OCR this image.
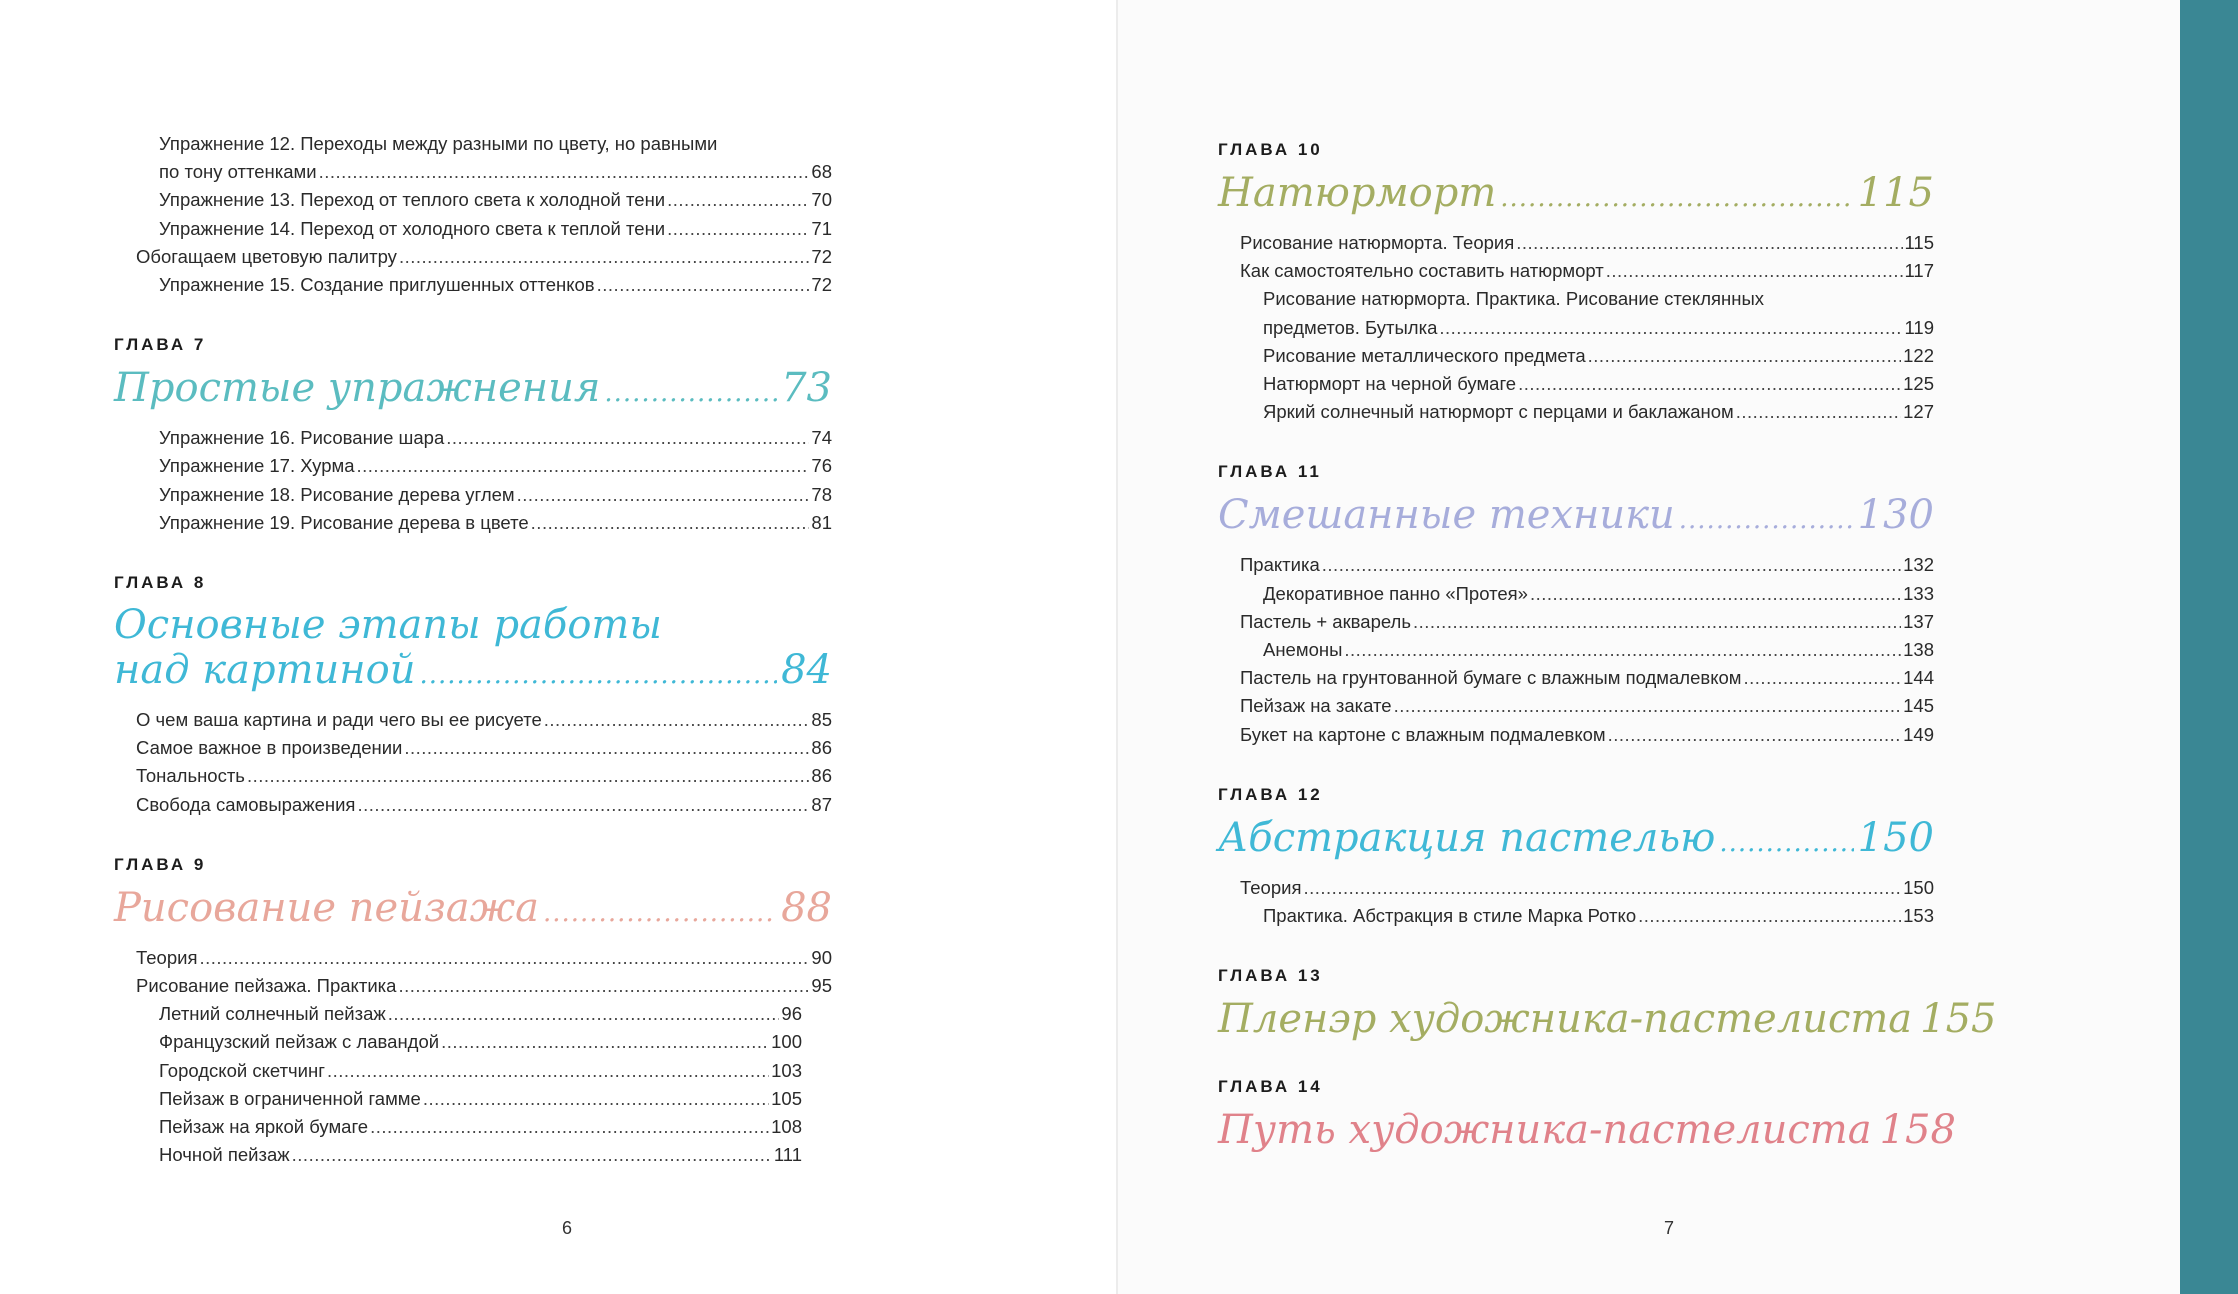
Упражнение 12. Переходы между разными по цвету, но равными
по тону оттенками .....	68
Упражнение 13. Переход от теплого света к холодной тени .....	70
Упражнение 14. Переход от холодного света к теплой тени .....	71
Обогащаем цветовую палитру .....	72
Упражнение 15. Создание приглушенных оттенков .....	72
ГЛАВА 7
Простые упражнения .....	73
Упражнение 16. Рисование шара .....	74
Упражнение 17. Хурма .....	76
Упражнение 18. Рисование дерева углем .....	78
Упражнение 19. Рисование дерева в цвете .....	81
ГЛАВА 8
Основные этапы работы
над картиной .....	84
О чем ваша картина и ради чего вы ее рисуете .....	85
Самое важное в произведении .....	86
Тональность .....	86
Свобода самовыражения .....	87
ГЛАВА 9
Рисование пейзажа .....	88
Теория .....	90
Рисование пейзажа. Практика .....	95
Летний солнечный пейзаж .....	96
Французский пейзаж с лавандой .....	100
Городской скетчинг .....	103
Пейзаж в ограниченной гамме .....	105
Пейзаж на яркой бумаге .....	108
Ночной пейзаж .....	111
6
ГЛАВА 10
Натюрморт .....	115
Рисование натюрморта. Теория .....	115
Как самостоятельно составить натюрморт .....	117
Рисование натюрморта. Практика. Рисование стеклянных
предметов. Бутылка .....	119
Рисование металлического предмета .....	122
Натюрморт на черной бумаге .....	125
Яркий солнечный натюрморт с перцами и баклажаном .....	127
ГЛАВА 11
Смешанные техники .....	130
Практика .....	132
Декоративное панно «Протея» .....	133
Пастель + акварель .....	137
Анемоны .....	138
Пастель на грунтованной бумаге с влажным подмалевком .....	144
Пейзаж на закате .....	145
Букет на картоне с влажным подмалевком .....	149
ГЛАВА 12
Абстракция пастелью .....	150
Теория .....	150
Практика. Абстракция в стиле Марка Ротко .....	153
ГЛАВА 13
Пленэр художника-пастелиста 155
ГЛАВА 14
Путь художника-пастелиста 158
7
